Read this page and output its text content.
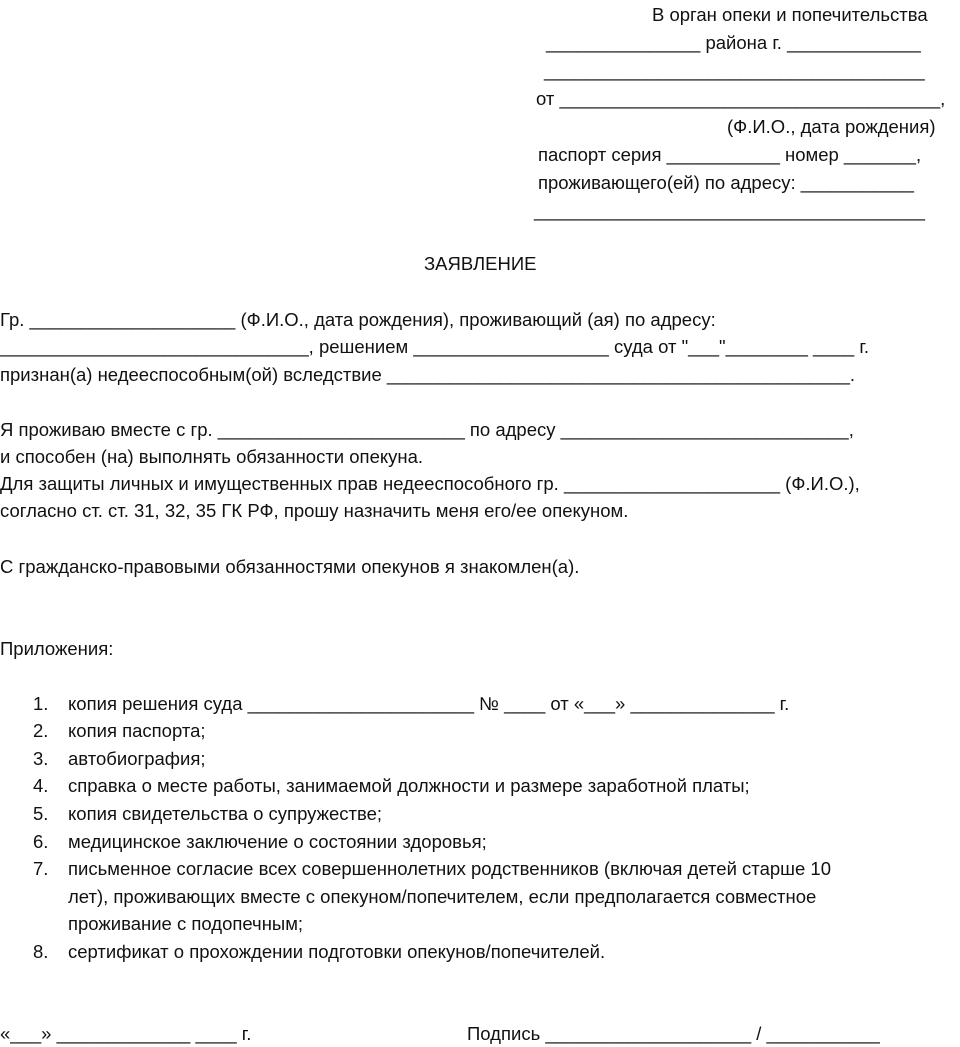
В орган опеки и попечительства
_______________ района г. _____________
_____________________________________
от _____________________________________,
(Ф.И.О., дата рождения)
паспорт серия ___________ номер _______,
проживающего(ей) по адресу: ___________
______________________________________
ЗАЯВЛЕНИЕ
Гр. ____________________ (Ф.И.О., дата рождения), проживающий (ая) по адресу:
______________________________, решением ___________________ суда от "___"________ ____ г.
признан(а) недееспособным(ой) вследствие _____________________________________________.
Я проживаю вместе с гр. ________________________ по адресу ____________________________,
и способен (на) выполнять обязанности опекуна.
Для защиты личных и имущественных прав недееспособного гр. _____________________ (Ф.И.О.),
согласно ст. ст. 31, 32, 35 ГК РФ, прошу назначить меня его/ее опекуном.
С гражданско-правовыми обязанностями опекунов я знакомлен(а).
Приложения:
1. копия решения суда ______________________ № ____ от «___» ______________ г.
2. копия паспорта;
3. автобиография;
4. справка о месте работы, занимаемой должности и размере заработной платы;
5. копия свидетельства о супружестве;
6. медицинское заключение о состоянии здоровья;
7. письменное согласие всех совершеннолетних родственников (включая детей старше 10
лет), проживающих вместе с опекуном/попечителем, если предполагается совместное
проживание с подопечным;
8. сертификат о прохождении подготовки опекунов/попечителей.
«___» _____________ ____ г.	Подпись ____________________ / ___________
